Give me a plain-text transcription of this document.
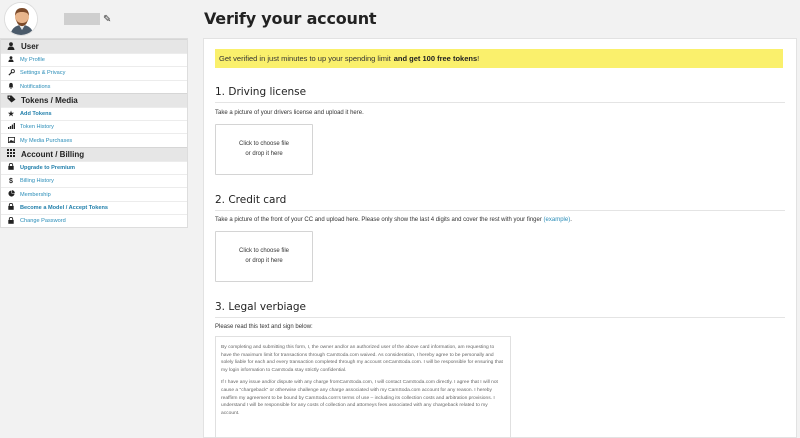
✎
User
My Profile
Settings & Privacy
Notifications
Tokens / Media
★ Add Tokens
Token History
My Media Purchases
Account / Billing
Upgrade to Premium
$	Billing History
Membership
Become a Model / Accept Tokens
Change Password
Verify your account
Get verified in just minutes to up your spending limit and get 100 free tokens !
1. Driving license
Take a picture of your drivers license and upload it here.
Click to choose file
or drop it here
2. Credit card
Take a picture of the front of your CC and upload here. Please only show the last 4 digits and cover the rest with your finger (example).
Click to choose file
or drop it here
3. Legal verbiage
Please read this text and sign below:

By completing and submitting this form, I, the owner and/or an authorized user of the above card information, am requesting to have the maximum limit for transactions through CamSoda.com waived. As consideration, I hereby agree to be personally and solely liable for each and every transaction completed through my account onCamSoda.com. I will be responsible for ensuring that my login information to CamSoda stay strictly confidential.

If I have any issue and/or dispute with any charge fromCamSoda.com, I will contact CamSoda.com directly. I agree that I will not cause a "chargeback" or otherwise challenge any charge associated with my CamSoda.com account for any reason. I hereby reaffirm my agreement to be bound by CamSoda.com's terms of use – including its collection costs and arbitration provisions. I understand I will be responsible for any costs of collection and attorneys fees associated with any chargeback related to my account.
